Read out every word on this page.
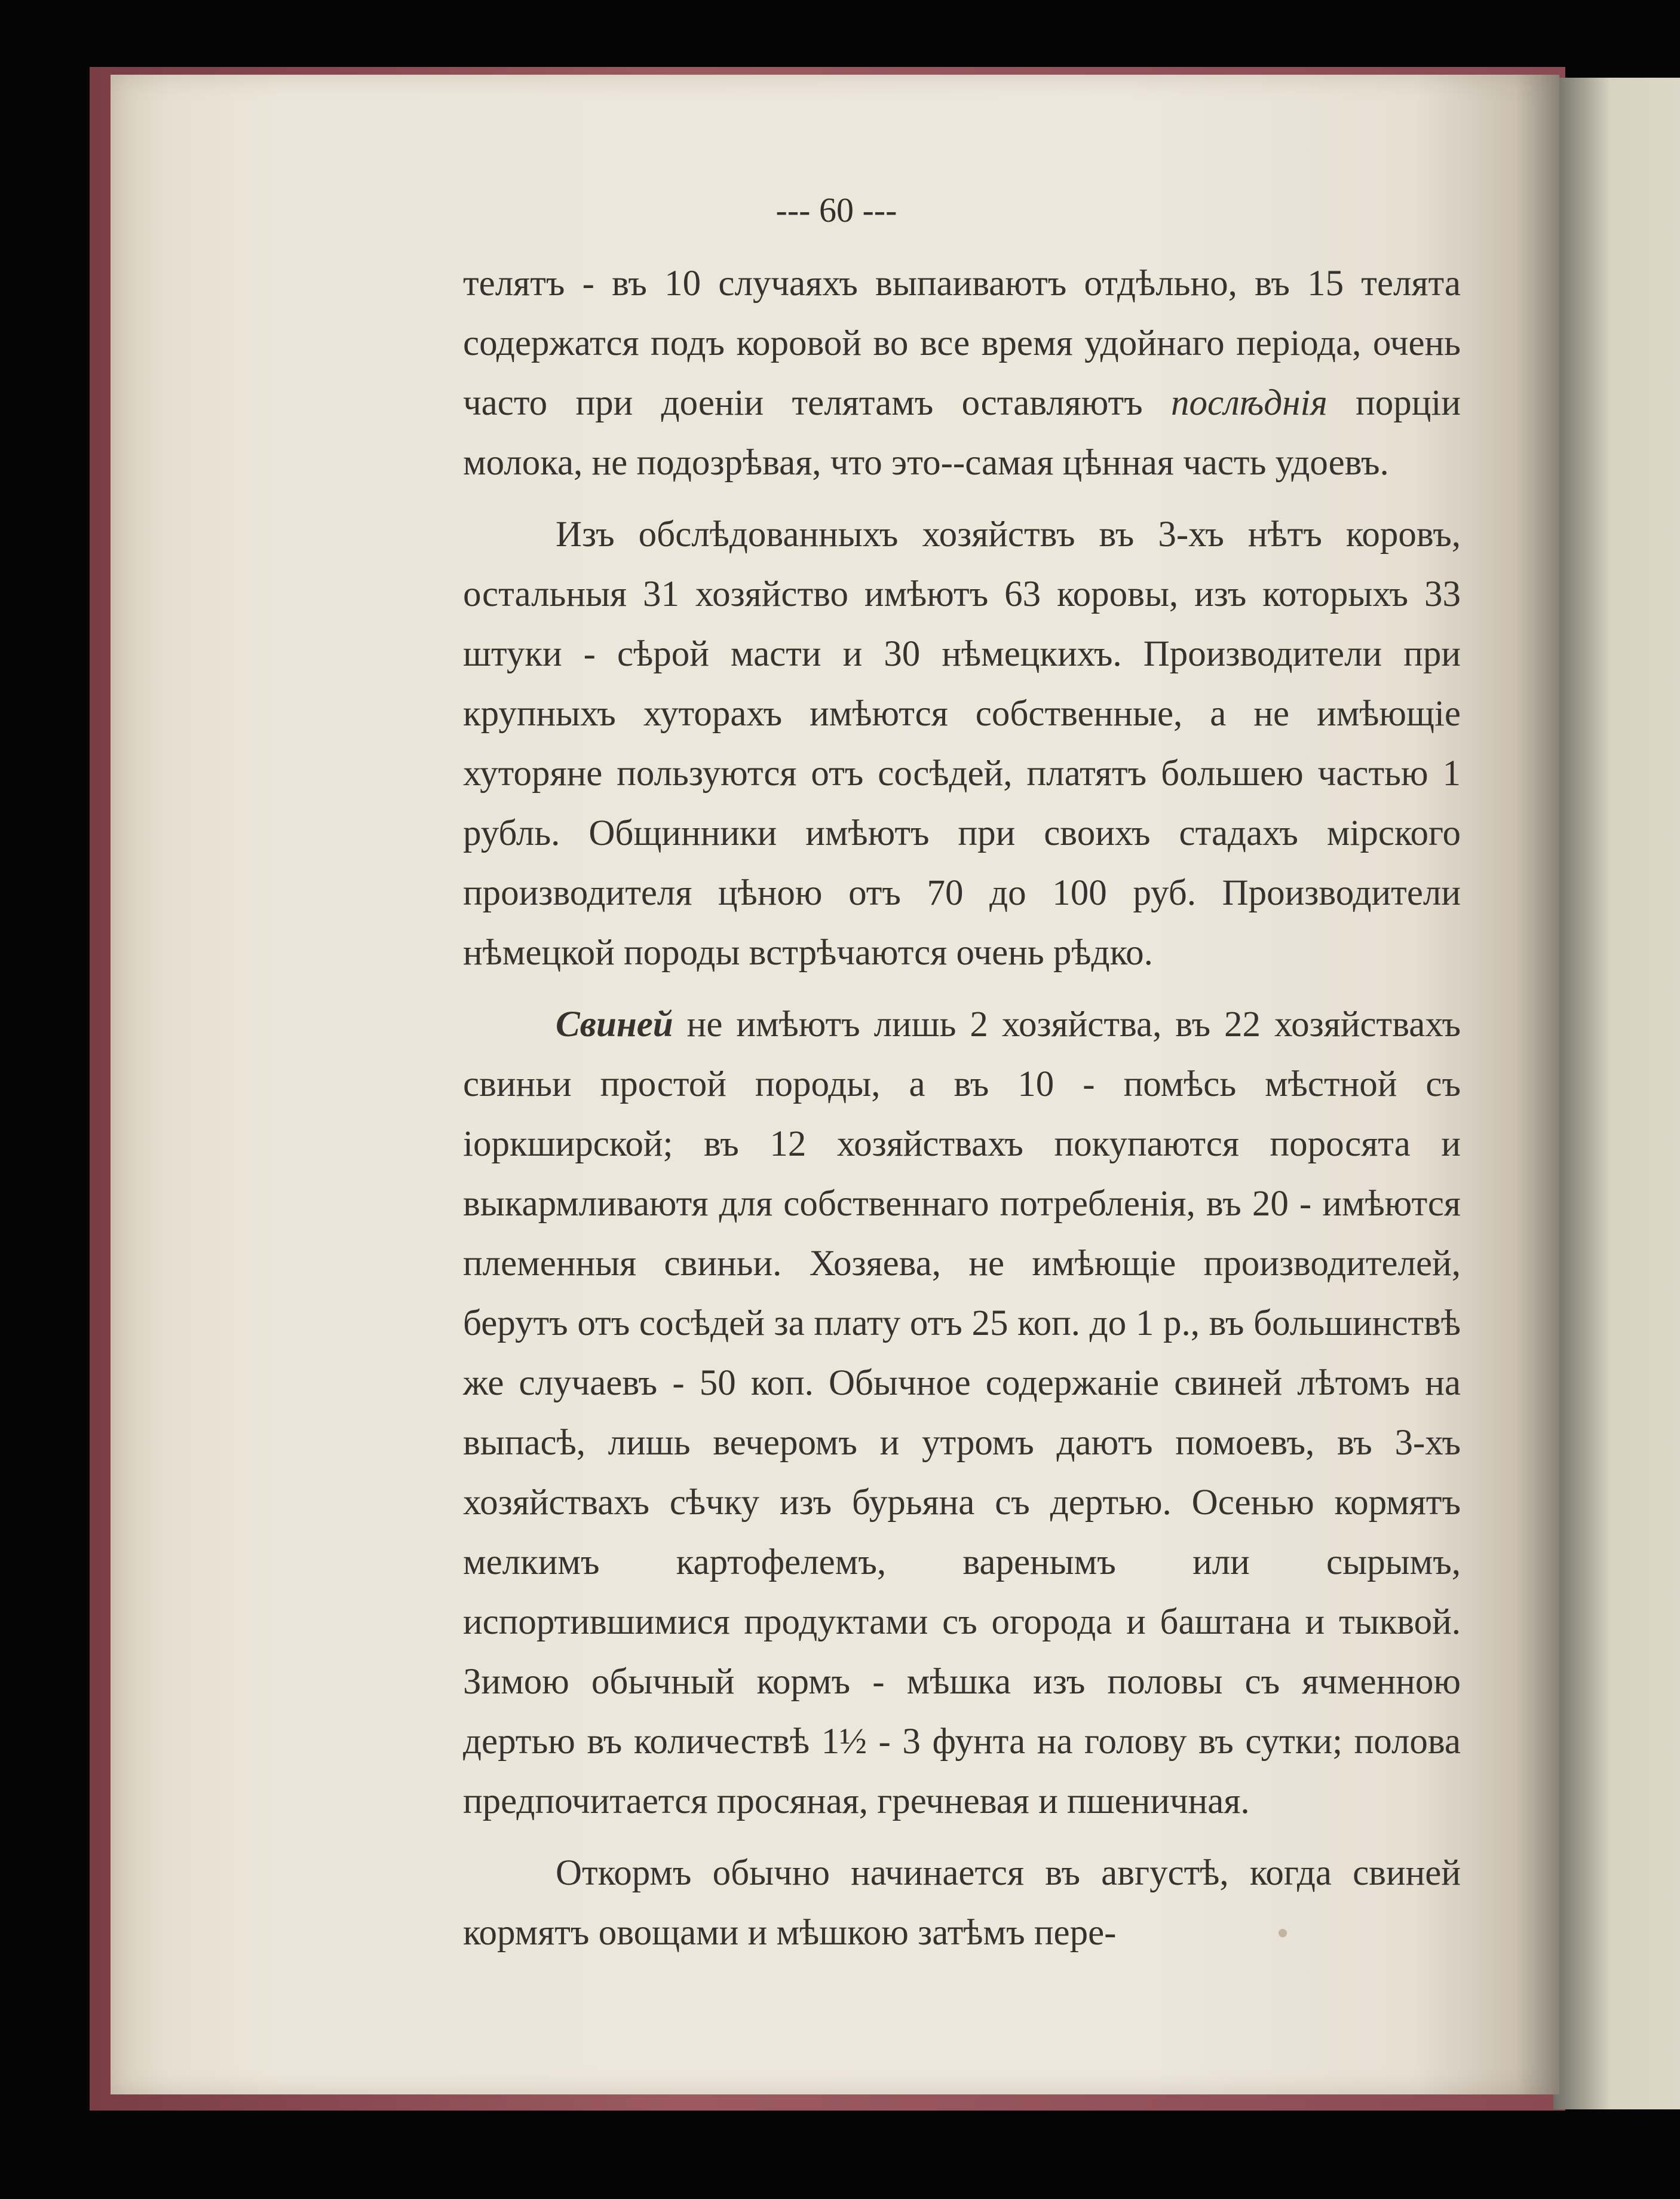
--- 60 ---

телятъ - въ 10 случаяхъ выпаиваютъ отдѣльно, въ 15 телята содержатся подъ коровой во все время удойнаго періода, очень часто при доеніи телятамъ оставляютъ послѣднія порціи молока, не подозрѣвая, что это--самая цѣнная часть удоевъ.

Изъ обслѣдованныхъ хозяйствъ въ 3-хъ нѣтъ коровъ, остальныя 31 хозяйство имѣютъ 63 коровы, изъ которыхъ 33 штуки - сѣрой масти и 30 нѣмецкихъ. Производители при крупныхъ хуторахъ имѣются собственные, а не имѣющіе хуторяне пользуются отъ сосѣдей, платятъ большею частью 1 рубль. Общинники имѣютъ при своихъ стадахъ мірского производителя цѣною отъ 70 до 100 руб. Производители нѣмецкой породы встрѣчаются очень рѣдко.

Свиней не имѣютъ лишь 2 хозяйства, въ 22 хозяйствахъ свиньи простой породы, а въ 10 - помѣсь мѣстной съ іоркширской; въ 12 хозяйствахъ покупаются поросята и выкармливаютя для собственнаго потребленія, въ 20 - имѣются племенныя свиньи. Хозяева, не имѣющіе производителей, берутъ отъ сосѣдей за плату отъ 25 коп. до 1 р., въ большинствѣ же случаевъ - 50 коп. Обычное содержаніе свиней лѣтомъ на выпасѣ, лишь вечеромъ и утромъ даютъ помоевъ, въ 3-хъ хозяйствахъ сѣчку изъ бурьяна съ дертью. Осенью кормятъ мелкимъ картофелемъ, варенымъ или сырымъ, испортившимися продуктами съ огорода и баштана и тыквой. Зимою обычный кормъ - мѣшка изъ половы съ ячменною дертью въ количествѣ 1½ - 3 фунта на голову въ сутки; полова предпочитается просяная, гречневая и пшеничная.

Откормъ обычно начинается въ августѣ, когда свиней кормятъ овощами и мѣшкою затѣмъ пере-
